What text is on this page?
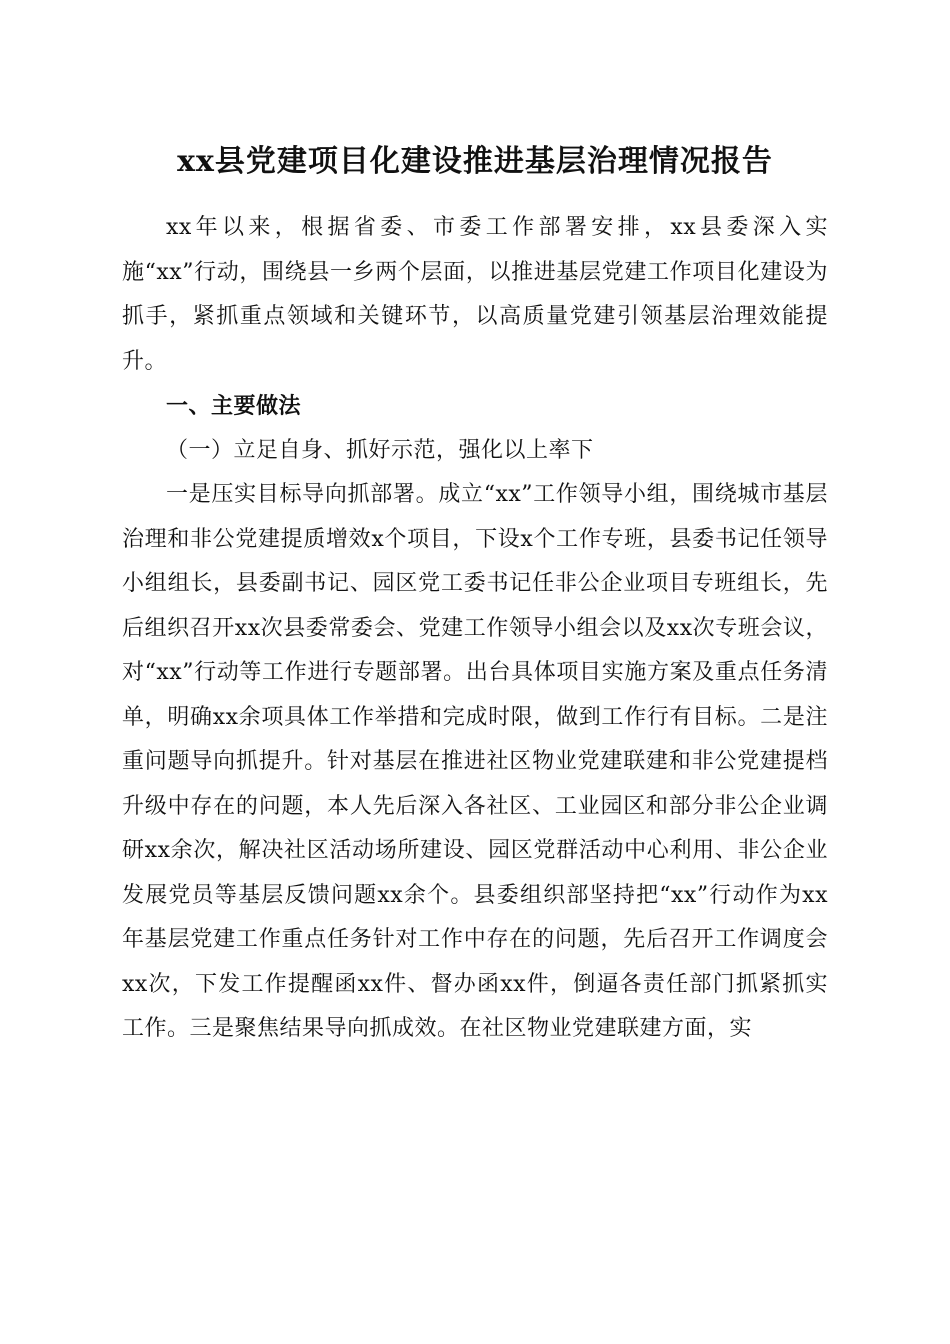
xx县党建项目化建设推进基层治理情况报告

xx年以来，根据省委、市委工作部署安排，xx县委深入实施“xx”行动，围绕县一乡两个层面，以推进基层党建工作项目化建设为抓手，紧抓重点领域和关键环节，以高质量党建引领基层治理效能提升。

一、主要做法

（一）立足自身、抓好示范，强化以上率下

一是压实目标导向抓部署。成立“xx”工作领导小组，围绕城市基层治理和非公党建提质增效x个项目，下设x个工作专班，县委书记任领导小组组长，县委副书记、园区党工委书记任非公企业项目专班组长，先后组织召开xx次县委常委会、党建工作领导小组会以及xx次专班会议，对“xx”行动等工作进行专题部署。出台具体项目实施方案及重点任务清单，明确xx余项具体工作举措和完成时限，做到工作行有目标。二是注重问题导向抓提升。针对基层在推进社区物业党建联建和非公党建提档升级中存在的问题，本人先后深入各社区、工业园区和部分非公企业调研xx余次，解决社区活动场所建设、园区党群活动中心利用、非公企业发展党员等基层反馈问题xx余个。县委组织部坚持把“xx”行动作为xx年基层党建工作重点任务针对工作中存在的问题，先后召开工作调度会xx次，下发工作提醒函xx件、督办函xx件，倒逼各责任部门抓紧抓实工作。三是聚焦结果导向抓成效。在社区物业党建联建方面，实
